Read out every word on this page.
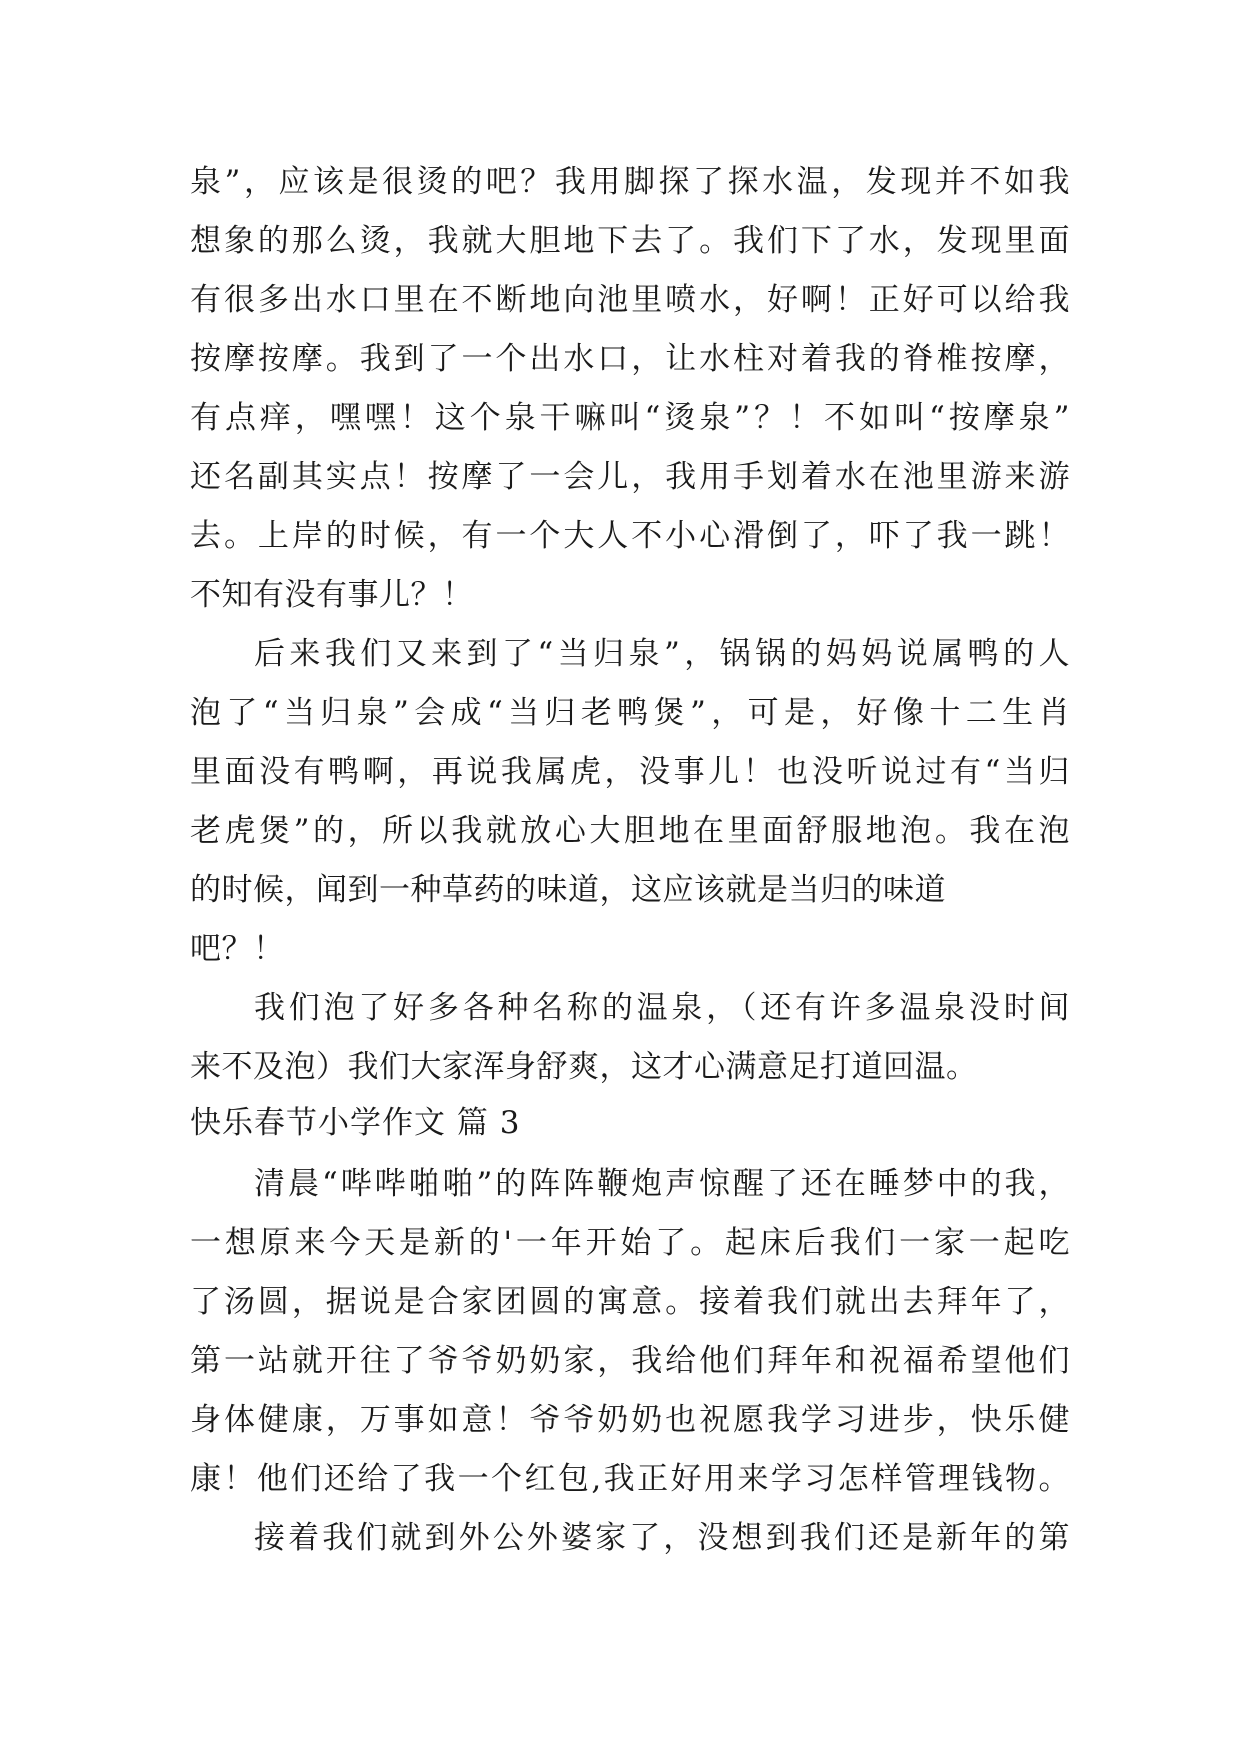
泉”，应该是很烫的吧？我用脚探了探水温，发现并不如我
想象的那么烫，我就大胆地下去了。我们下了水，发现里面
有很多出水口里在不断地向池里喷水，好啊！正好可以给我
按摩按摩。我到了一个出水口，让水柱对着我的脊椎按摩，
有点痒，嘿嘿！这个泉干嘛叫“烫泉”？！不如叫“按摩泉”
还名副其实点！按摩了一会儿，我用手划着水在池里游来游
去。上岸的时候，有一个大人不小心滑倒了，吓了我一跳！
不知有没有事儿？！
后来我们又来到了“当归泉”，锅锅的妈妈说属鸭的人
泡了“当归泉”会成“当归老鸭煲”，可是，好像十二生肖
里面没有鸭啊，再说我属虎，没事儿！也没听说过有“当归
老虎煲”的，所以我就放心大胆地在里面舒服地泡。我在泡
的时候，闻到一种草药的味道，这应该就是当归的味道
吧？！
我们泡了好多各种名称的温泉，（还有许多温泉没时间
来不及泡）我们大家浑身舒爽，这才心满意足打道回温。
快乐春节小学作文 篇 3
清晨“哔哔啪啪”的阵阵鞭炮声惊醒了还在睡梦中的我，
一想原来今天是新的'一年开始了。起床后我们一家一起吃
了汤圆，据说是合家团圆的寓意。接着我们就出去拜年了，
第一站就开往了爷爷奶奶家，我给他们拜年和祝福希望他们
身体健康，万事如意！爷爷奶奶也祝愿我学习进步，快乐健
康！他们还给了我一个红包,我正好用来学习怎样管理钱物。
接着我们就到外公外婆家了，没想到我们还是新年的第
